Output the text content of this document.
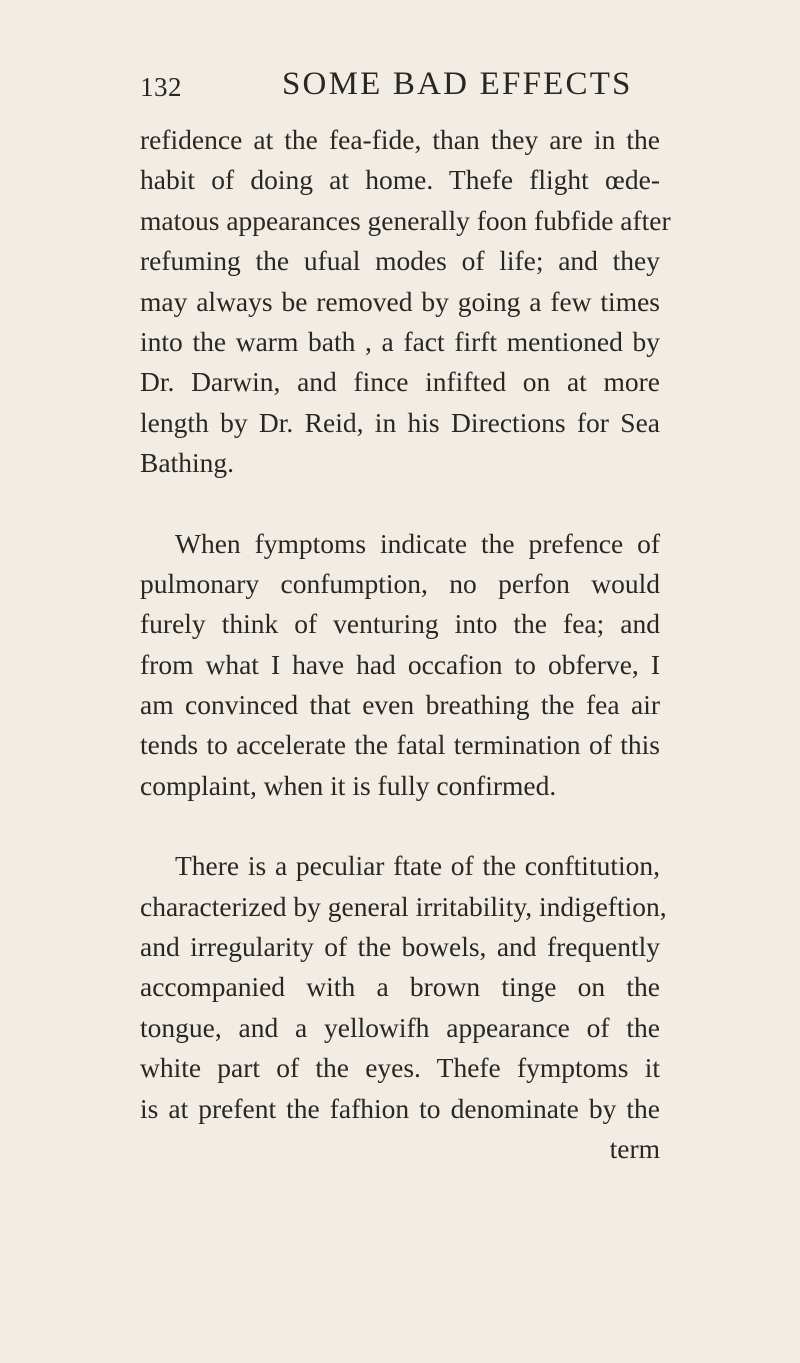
132	SOME BAD EFFECTS
refidence at the fea-fide, than they are in the
habit of doing at home. Thefe flight œde-
matous appearances generally foon fubfide after
refuming the ufual modes of life; and they
may always be removed by going a few times
into the warm bath , a fact firft mentioned by
Dr. Darwin, and fince infifted on at more
length by Dr. Reid, in his Directions for Sea
Bathing.
When fymptoms indicate the prefence of
pulmonary confumption, no perfon would
furely think of venturing into the fea; and
from what I have had occafion to obferve, I
am convinced that even breathing the fea air
tends to accelerate the fatal termination of this
complaint, when it is fully confirmed.
There is a peculiar ftate of the conftitution,
characterized by general irritability, indigeftion,
and irregularity of the bowels, and frequently
accompanied with a brown tinge on the
tongue, and a yellowifh appearance of the
white part of the eyes. Thefe fymptoms it
is at prefent the fafhion to denominate by the
term
